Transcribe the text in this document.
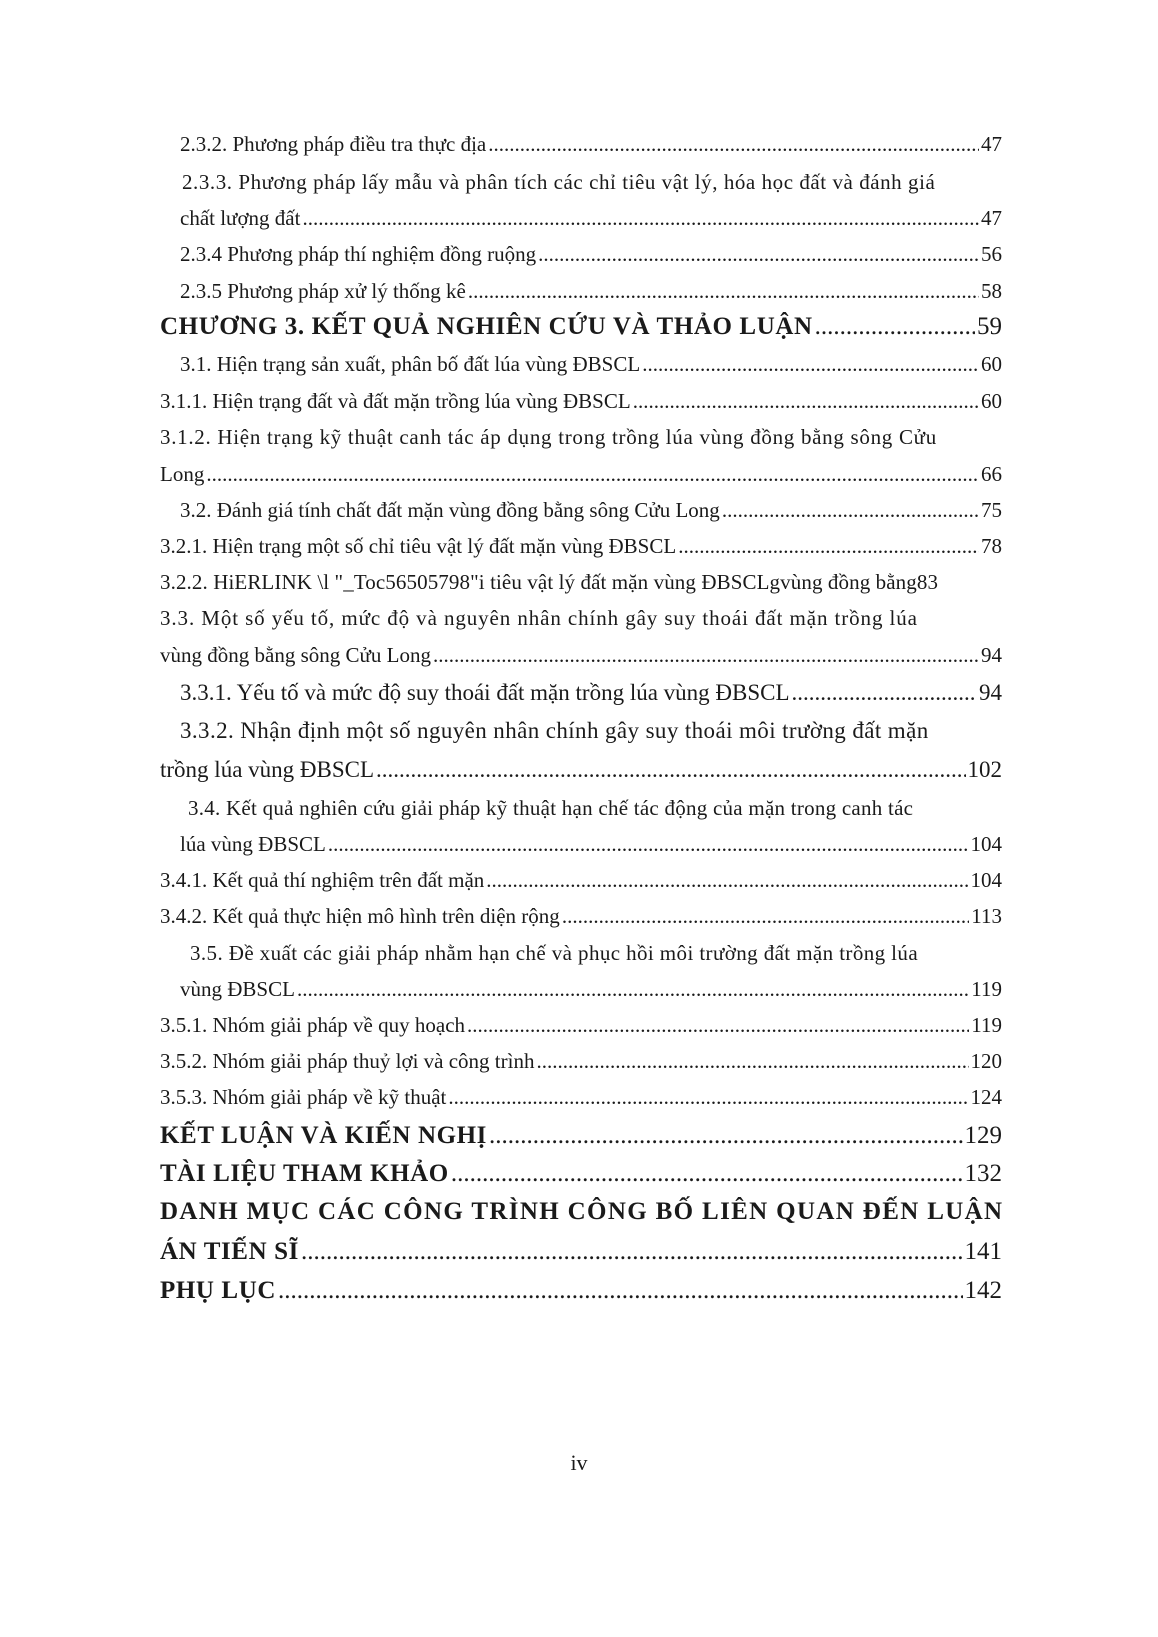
2.3.2. Phương pháp điều tra thực địa .....	47
2.3.3. Phương pháp lấy mẫu và phân tích các chỉ tiêu vật lý, hóa học đất và đánh giá
chất lượng đất .....	47
2.3.4 Phương pháp thí nghiệm đồng ruộng .....	56
2.3.5 Phương pháp xử lý thống kê .....	58
CHƯƠNG 3. KẾT QUẢ NGHIÊN CỨU VÀ THẢO LUẬN .....	59
3.1. Hiện trạng sản xuất, phân bố đất lúa vùng ĐBSCL .....	60
3.1.1. Hiện trạng đất và đất mặn trồng lúa vùng ĐBSCL .....	60
3.1.2. Hiện trạng kỹ thuật canh tác áp dụng trong trồng lúa vùng đồng bằng sông Cửu
Long .....	66
3.2. Đánh giá tính chất đất mặn vùng đồng bằng sông Cửu Long .....	75
3.2.1. Hiện trạng một số chỉ tiêu vật lý đất mặn vùng ĐBSCL .....	78
3.2.2. HiERLINK \l "_Toc56505798"i tiêu vật lý đất mặn vùng ĐBSCLgvùng đồng bằng83
3.3. Một số yếu tố, mức độ và nguyên nhân chính gây suy thoái đất mặn trồng lúa
vùng đồng bằng sông Cửu Long .....	94
3.3.1. Yếu tố và mức độ suy thoái đất mặn trồng lúa vùng ĐBSCL .....	94
3.3.2. Nhận định một số nguyên nhân chính gây suy thoái môi trường đất mặn
trồng lúa vùng ĐBSCL .....	102
3.4. Kết quả nghiên cứu giải pháp kỹ thuật hạn chế tác động của mặn trong canh tác
lúa vùng ĐBSCL .....	104
3.4.1. Kết quả thí nghiệm trên đất mặn .....	104
3.4.2. Kết quả thực hiện mô hình trên diện rộng .....	113
3.5. Đề xuất các giải pháp nhằm hạn chế và phục hồi môi trường đất mặn trồng lúa
vùng ĐBSCL .....	119
3.5.1. Nhóm giải pháp về quy hoạch .....	119
3.5.2. Nhóm giải pháp thuỷ lợi và công trình .....	120
3.5.3. Nhóm giải pháp về kỹ thuật .....	124
KẾT LUẬN VÀ KIẾN NGHỊ .....	129
TÀI LIỆU THAM KHẢO .....	132
DANH MỤC CÁC CÔNG TRÌNH CÔNG BỐ LIÊN QUAN ĐẾN LUẬN
ÁN TIẾN SĨ .....	141
PHỤ LỤC .....	142
iv
